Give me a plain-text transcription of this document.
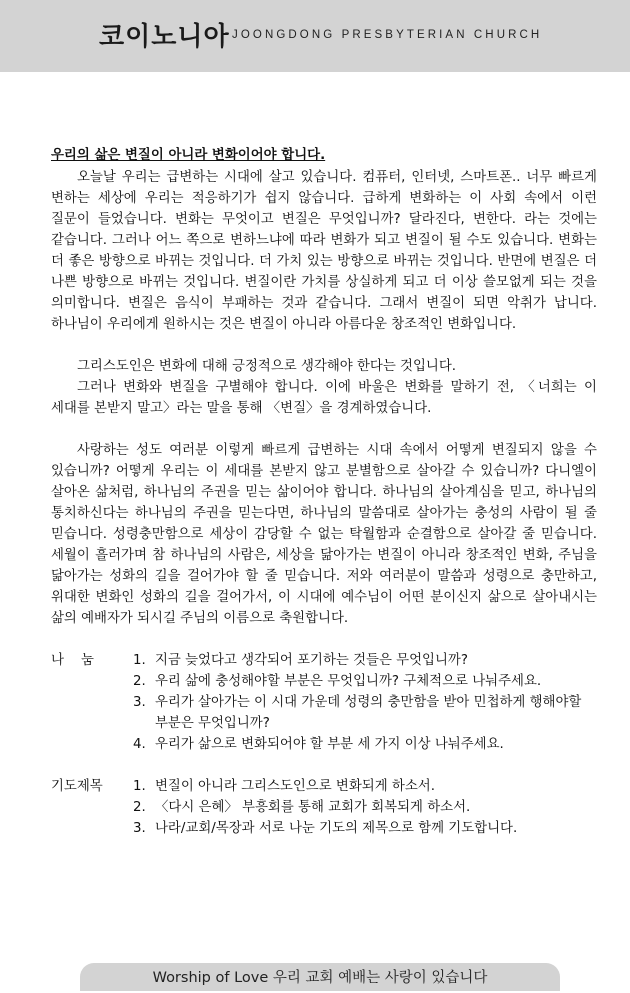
코이노니아 JOONGDONG PRESBYTERIAN CHURCH

우리의 삶은 변질이 아니라 변화이어야 합니다.

오늘날 우리는 급변하는 시대에 살고 있습니다. 컴퓨터, 인터넷, 스마트폰.. 너무 빠르게 변하는 세상에 우리는 적응하기가 쉽지 않습니다. 급하게 변화하는 이 사회 속에서 이런 질문이 들었습니다. 변화는 무엇이고 변질은 무엇입니까? 달라진다, 변한다. 라는 것에는 같습니다. 그러나 어느 쪽으로 변하느냐에 따라 변화가 되고 변질이 될 수도 있습니다. 변화는 더 좋은 방향으로 바뀌는 것입니다. 더 가치 있는 방향으로 바뀌는 것입니다. 반면에 변질은 더 나쁜 방향으로 바뀌는 것입니다. 변질이란 가치를 상실하게 되고 더 이상 쓸모없게 되는 것을 의미합니다. 변질은 음식이 부패하는 것과 같습니다. 그래서 변질이 되면 악취가 납니다. 하나님이 우리에게 원하시는 것은 변질이 아니라 아름다운 창조적인 변화입니다.

그리스도인은 변화에 대해 긍정적으로 생각해야 한다는 것입니다.

그러나 변화와 변질을 구별해야 합니다. 이에 바울은 변화를 말하기 전, 〈너희는 이 세대를 본받지 말고〉라는 말을 통해 〈변질〉을 경계하였습니다.

사랑하는 성도 여러분 이렇게 빠르게 급변하는 시대 속에서 어떻게 변질되지 않을 수 있습니까? 어떻게 우리는 이 세대를 본받지 않고 분별함으로 살아갈 수 있습니까? 다니엘이 살아온 삶처럼, 하나님의 주권을 믿는 삶이어야 합니다. 하나님의 살아계심을 믿고, 하나님의 통치하신다는 하나님의 주권을 믿는다면, 하나님의 말씀대로 살아가는 충성의 사람이 될 줄 믿습니다. 성령충만함으로 세상이 감당할 수 없는 탁월함과 순결함으로 살아갈 줄 믿습니다. 세월이 흘러가며 참 하나님의 사람은, 세상을 닮아가는 변질이 아니라 창조적인 변화, 주님을 닮아가는 성화의 길을 걸어가야 할 줄 믿습니다. 저와 여러분이 말씀과 성령으로 충만하고, 위대한 변화인 성화의 길을 걸어가서, 이 시대에 예수님이 어떤 분이신지 삶으로 살아내시는 삶의 예배자가 되시길 주님의 이름으로 축원합니다.

나    눔	1. 지금 늦었다고 생각되어 포기하는 것들은 무엇입니까?
2. 우리 삶에 충성해야할 부분은 무엇입니까? 구체적으로 나눠주세요.
3. 우리가 살아가는 이 시대 가운데 성령의 충만함을 받아 민첩하게 행해야할 부분은 무엇입니까?
4. 우리가 삶으로 변화되어야 할 부분 세 가지 이상 나눠주세요.
기도제목 1. 변질이 아니라 그리스도인으로 변화되게 하소서.
2. 〈다시 은혜〉 부흥회를 통해 교회가 회복되게 하소서.
3. 나라/교회/목장과 서로 나눈 기도의 제목으로 함께 기도합니다.
Worship of Love 우리 교회 예배는 사랑이 있습니다
